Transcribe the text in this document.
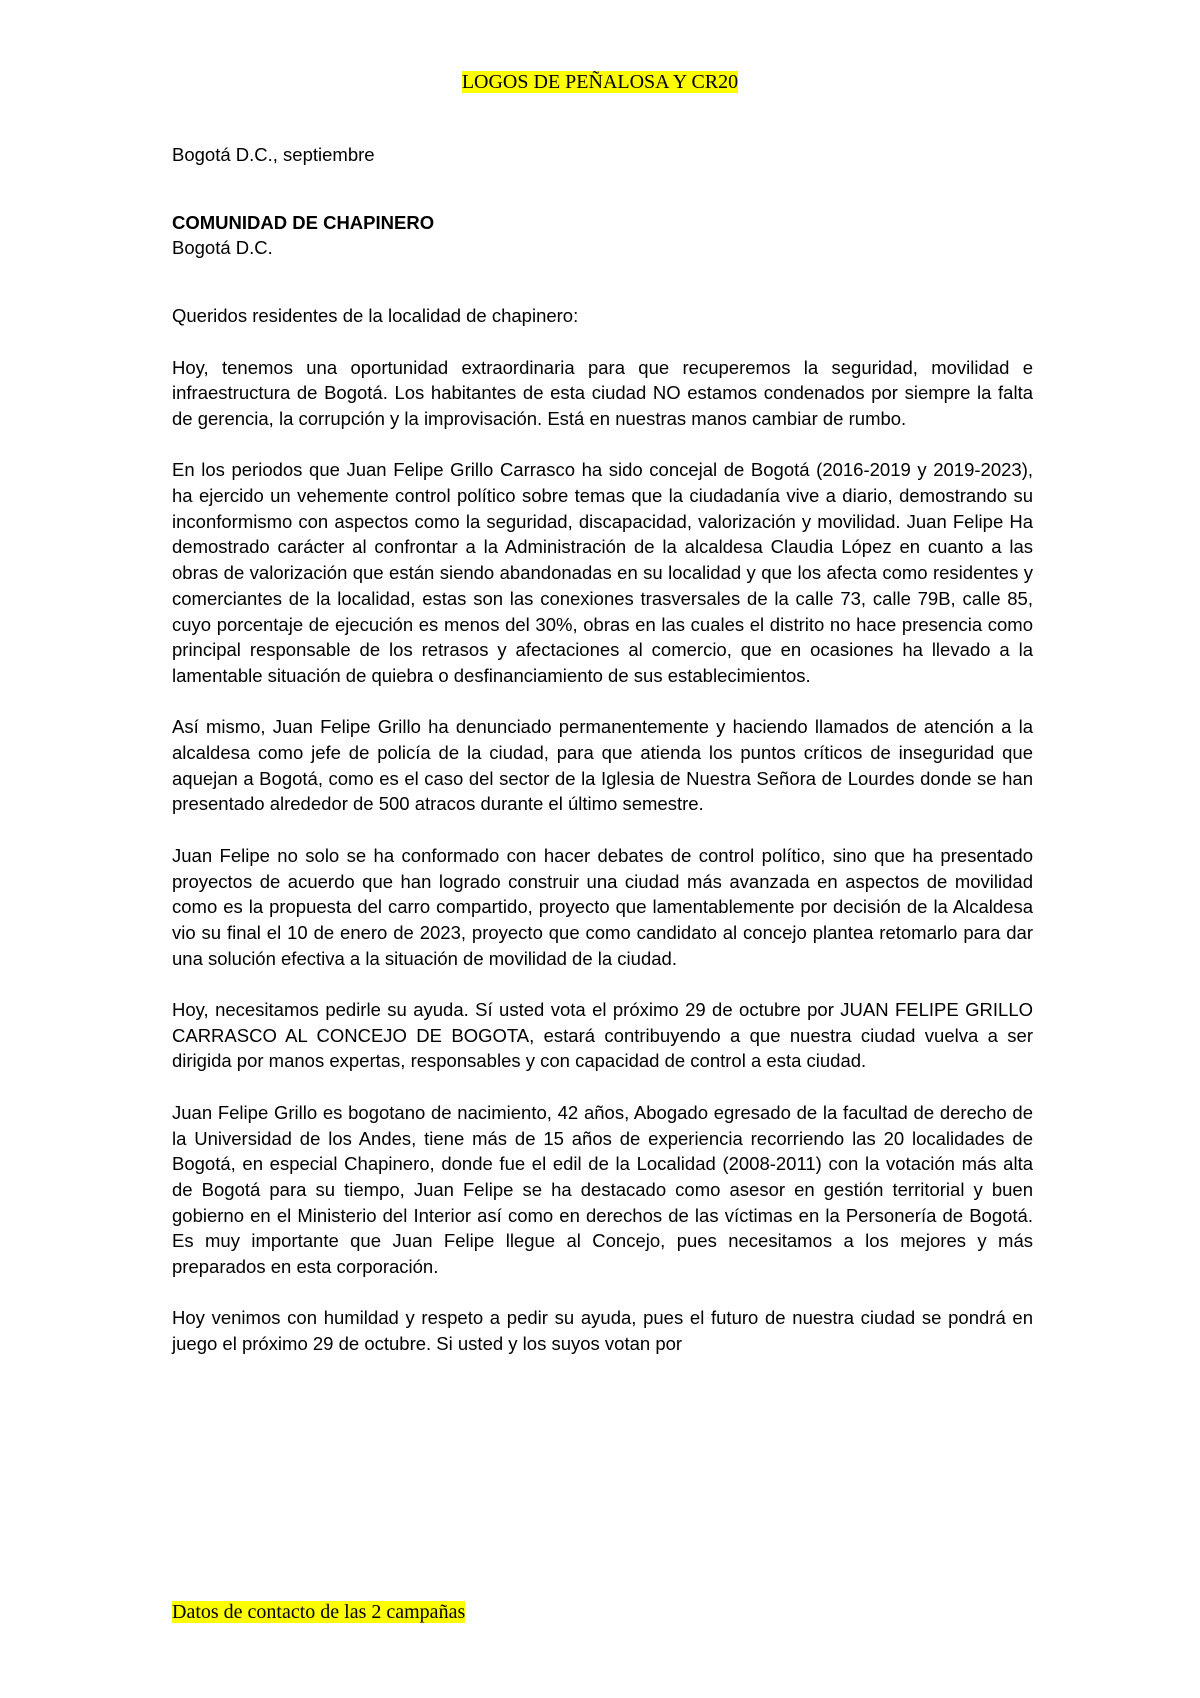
LOGOS DE PEÑALOSA Y CR20

Bogotá D.C., septiembre

COMUNIDAD DE CHAPINERO

Bogotá D.C.

Queridos residentes de la localidad de chapinero:

Hoy, tenemos una oportunidad extraordinaria para que recuperemos la seguridad, movilidad e infraestructura de Bogotá. Los habitantes de esta ciudad NO estamos condenados por siempre la falta de gerencia, la corrupción y la improvisación. Está en nuestras manos cambiar de rumbo.

En los periodos que Juan Felipe Grillo Carrasco ha sido concejal de Bogotá (2016-2019 y 2019-2023), ha ejercido un vehemente control político sobre temas que la ciudadanía vive a diario, demostrando su inconformismo con aspectos como la seguridad, discapacidad, valorización y movilidad. Juan Felipe Ha demostrado carácter al confrontar a la Administración de la alcaldesa Claudia López en cuanto a las obras de valorización que están siendo abandonadas en su localidad y que los afecta como residentes y comerciantes de la localidad, estas son las conexiones trasversales de la calle 73, calle 79B, calle 85, cuyo porcentaje de ejecución es menos del 30%, obras en las cuales el distrito no hace presencia como principal responsable de los retrasos y afectaciones al comercio, que en ocasiones ha llevado a la lamentable situación de quiebra o desfinanciamiento de sus establecimientos.

Así mismo, Juan Felipe Grillo ha denunciado permanentemente y haciendo llamados de atención a la alcaldesa como jefe de policía de la ciudad, para que atienda los puntos críticos de inseguridad que aquejan a Bogotá, como es el caso del sector de la Iglesia de Nuestra Señora de Lourdes donde se han presentado alrededor de 500 atracos durante el último semestre.

Juan Felipe no solo se ha conformado con hacer debates de control político, sino que ha presentado proyectos de acuerdo que han logrado construir una ciudad más avanzada en aspectos de movilidad como es la propuesta del carro compartido, proyecto que lamentablemente por decisión de la Alcaldesa vio su final el 10 de enero de 2023, proyecto que como candidato al concejo plantea retomarlo para dar una solución efectiva a la situación de movilidad de la ciudad.

Hoy, necesitamos pedirle su ayuda. Sí usted vota el próximo 29 de octubre por JUAN FELIPE GRILLO CARRASCO AL CONCEJO DE BOGOTA, estará contribuyendo a que nuestra ciudad vuelva a ser dirigida por manos expertas, responsables y con capacidad de control a esta ciudad.

Juan Felipe Grillo es bogotano de nacimiento, 42 años, Abogado egresado de la facultad de derecho de la Universidad de los Andes, tiene más de 15 años de experiencia recorriendo las 20 localidades de Bogotá, en especial Chapinero, donde fue el edil de la Localidad (2008-2011) con la votación más alta de Bogotá para su tiempo, Juan Felipe se ha destacado como asesor en gestión territorial y buen gobierno en el Ministerio del Interior así como en derechos de las víctimas en la Personería de Bogotá. Es muy importante que Juan Felipe llegue al Concejo, pues necesitamos a los mejores y más preparados en esta corporación.

Hoy venimos con humildad y respeto a pedir su ayuda, pues el futuro de nuestra ciudad se pondrá en juego el próximo 29 de octubre. Si usted y los suyos votan por

Datos de contacto de las 2 campañas
